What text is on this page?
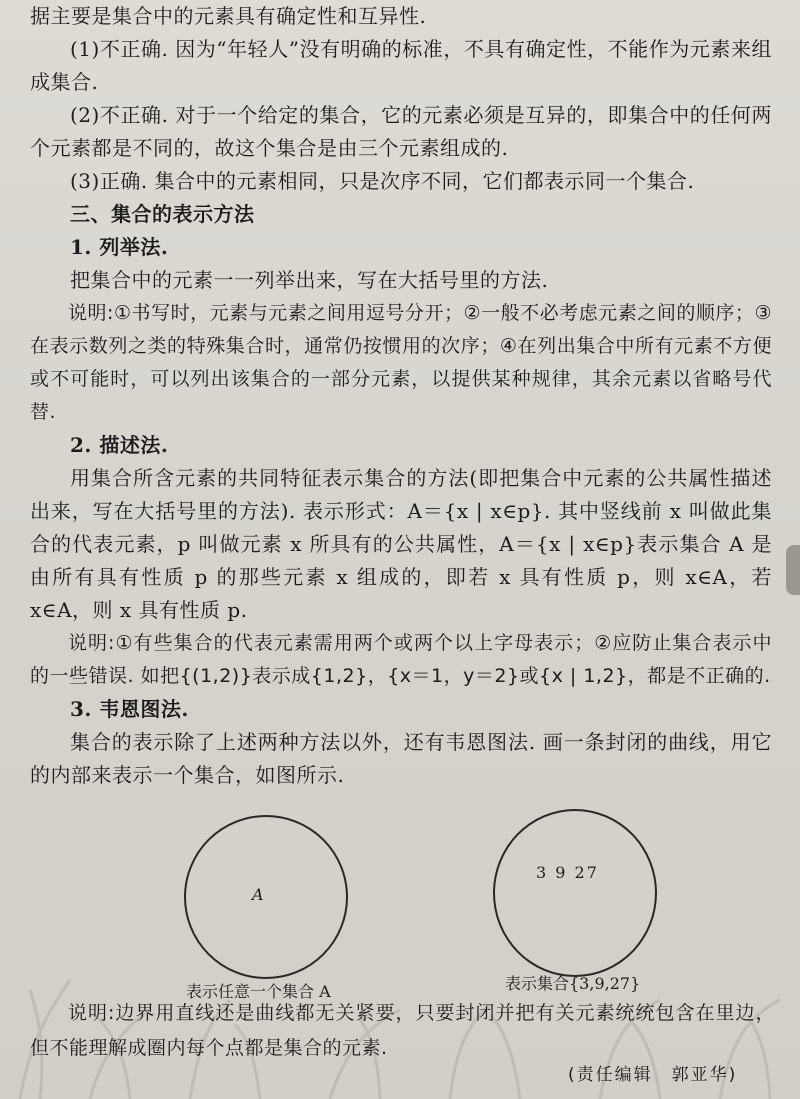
据主要是集合中的元素具有确定性和互异性.

(1)不正确. 因为“年轻人”没有明确的标准，不具有确定性，不能作为元素来组成集合.

(2)不正确. 对于一个给定的集合，它的元素必须是互异的，即集合中的任何两个元素都是不同的，故这个集合是由三个元素组成的.

(3)正确. 集合中的元素相同，只是次序不同，它们都表示同一个集合.

三、集合的表示方法

1. 列举法.

把集合中的元素一一列举出来，写在大括号里的方法.

说明:①书写时，元素与元素之间用逗号分开；②一般不必考虑元素之间的顺序；③在表示数列之类的特殊集合时，通常仍按惯用的次序；④在列出集合中所有元素不方便或不可能时，可以列出该集合的一部分元素，以提供某种规律，其余元素以省略号代替.

2. 描述法.

用集合所含元素的共同特征表示集合的方法(即把集合中元素的公共属性描述出来，写在大括号里的方法). 表示形式：A＝{x | x∈p}. 其中竖线前 x 叫做此集合的代表元素，p 叫做元素 x 所具有的公共属性，A＝{x | x∈p}表示集合 A 是由所有具有性质 p 的那些元素 x 组成的，即若 x 具有性质 p，则 x∈A，若 x∈A，则 x 具有性质 p.

说明:①有些集合的代表元素需用两个或两个以上字母表示；②应防止集合表示中的一些错误. 如把{(1,2)}表示成{1,2}，{x＝1，y＝2}或{x | 1,2}，都是不正确的.

3. 韦恩图法.

集合的表示除了上述两种方法以外，还有韦恩图法. 画一条封闭的曲线，用它的内部来表示一个集合，如图所示.

A
表示任意一个集合 A
3 9 27
表示集合{3,9,27}
说明:边界用直线还是曲线都无关紧要，只要封闭并把有关元素统统包含在里边，但不能理解成圈内每个点都是集合的元素.
(责任编辑　郭亚华)
